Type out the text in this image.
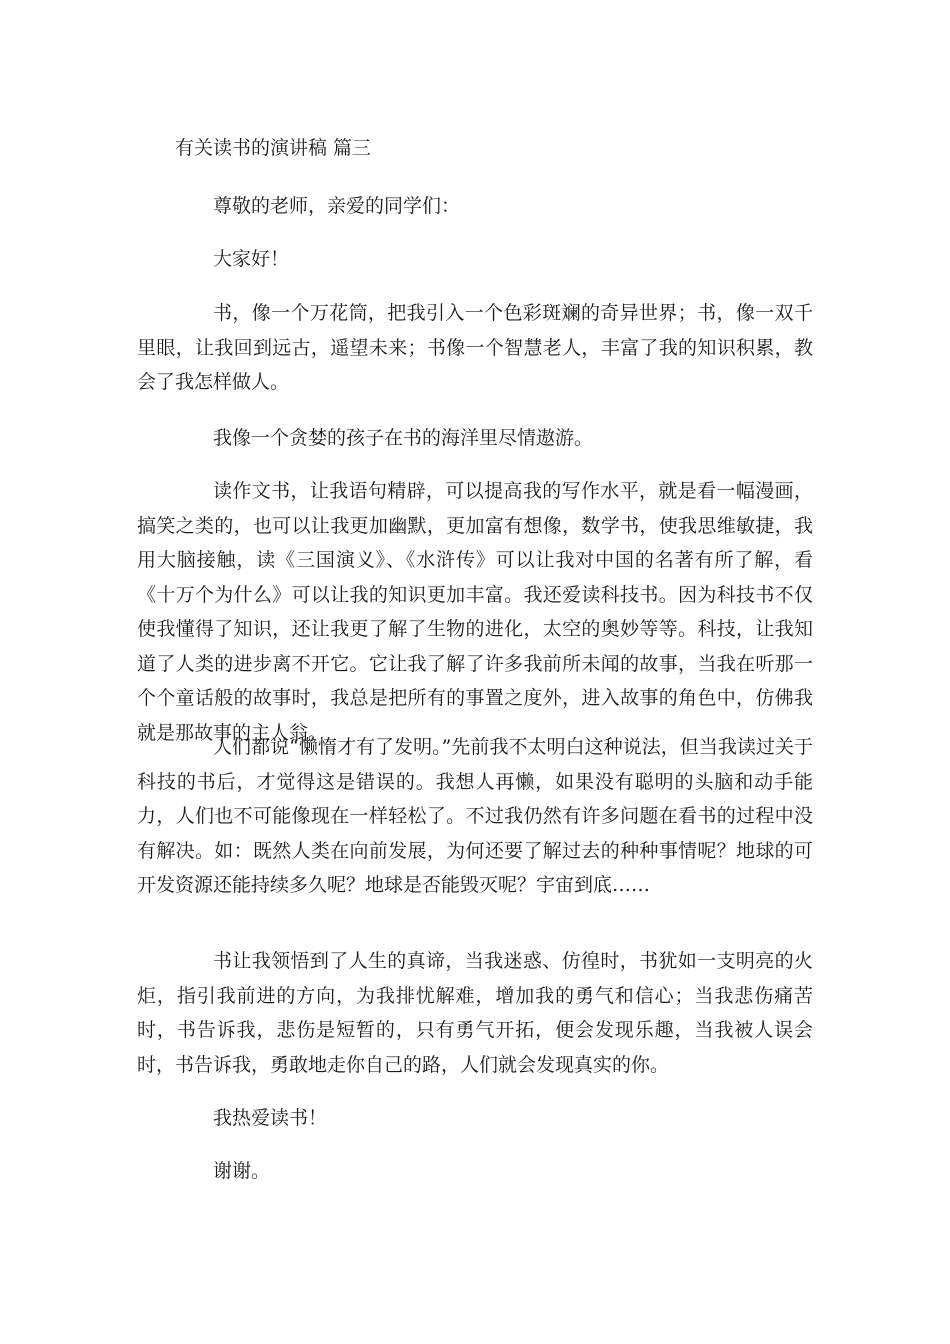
有关读书的演讲稿 篇三

尊敬的老师，亲爱的同学们：

大家好！

书，像一个万花筒，把我引入一个色彩斑斓的奇异世界；书，像一双千里眼，让我回到远古，遥望未来；书像一个智慧老人，丰富了我的知识积累，教会了我怎样做人。

我像一个贪婪的孩子在书的海洋里尽情遨游。

读作文书，让我语句精辟，可以提高我的写作水平，就是看一幅漫画，搞笑之类的，也可以让我更加幽默，更加富有想像，数学书，使我思维敏捷，我用大脑接触，读《三国演义》、《水浒传》可以让我对中国的名著有所了解，看《十万个为什么》可以让我的知识更加丰富。我还爱读科技书。因为科技书不仅使我懂得了知识，还让我更了解了生物的进化，太空的奥妙等等。科技，让我知道了人类的进步离不开它。它让我了解了许多我前所未闻的故事，当我在听那一个个童话般的故事时，我总是把所有的事置之度外，进入故事的角色中，仿佛我就是那故事的主人翁。

人们都说“懒惰才有了发明。”先前我不太明白这种说法，但当我读过关于科技的书后，才觉得这是错误的。我想人再懒，如果没有聪明的头脑和动手能力，人们也不可能像现在一样轻松了。不过我仍然有许多问题在看书的过程中没有解决。如：既然人类在向前发展，为何还要了解过去的种种事情呢？地球的可开发资源还能持续多久呢？地球是否能毁灭呢？宇宙到底……

书让我领悟到了人生的真谛，当我迷惑、仿徨时，书犹如一支明亮的火炬，指引我前进的方向，为我排忧解难，增加我的勇气和信心；当我悲伤痛苦时，书告诉我，悲伤是短暂的，只有勇气开拓，便会发现乐趣，当我被人误会时，书告诉我，勇敢地走你自己的路，人们就会发现真实的你。

我热爱读书！

谢谢。
